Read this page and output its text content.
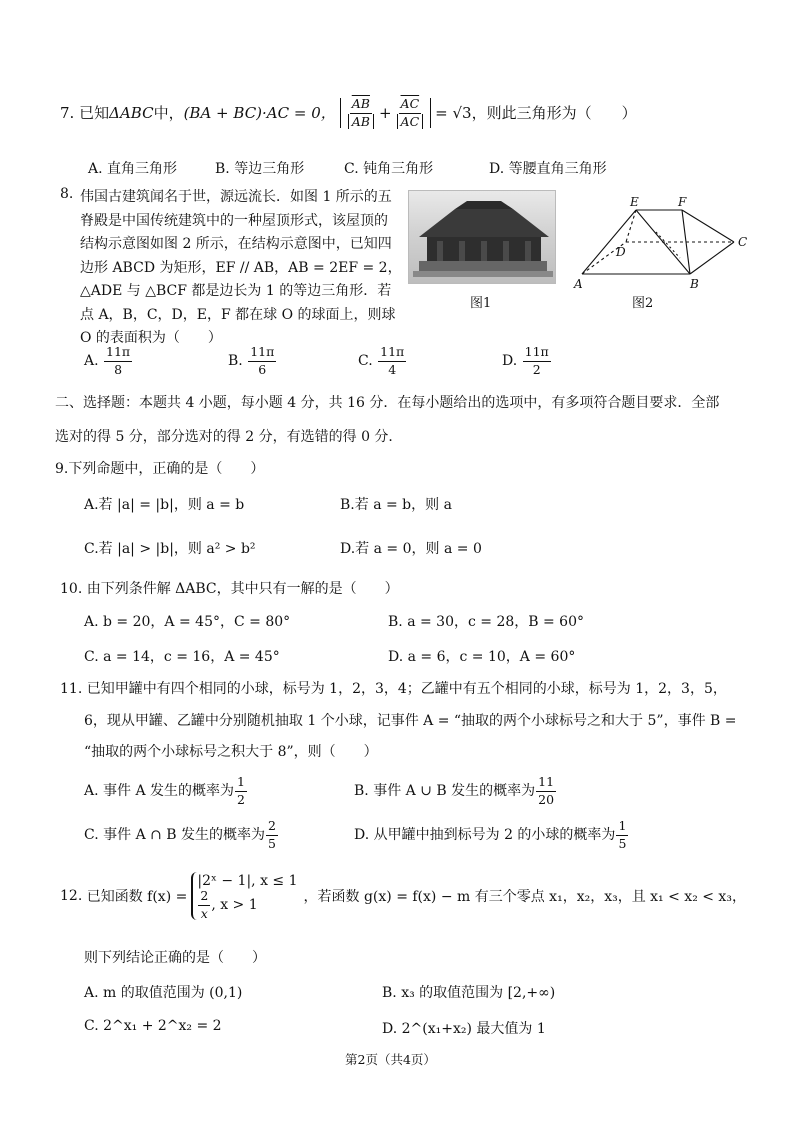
7.
已知 ΔABC 中， (BA + BC)·AC = 0， $\frac{\overline{AB}}{AB} + \frac{\overline{AC}}{AC} = √3$ ，则此三角形为（　　）
A. 直角三角形	B. 等边三角形	C. 钝角三角形	D. 等腰直角三角形
8. 伟国古建筑闻名于世，源远流长．如图 1 所示的五
脊殿是中国传统建筑中的一种屋顶形式，该屋顶的
结构示意图如图 2 所示，在结构示意图中，已知四
边形 ABCD 为矩形，EF // AB，AB = 2EF = 2，
△ADE 与 △BCF 都是边长为 1 的等边三角形．若
点 A，B，C，D，E，F 都在球 O 的球面上，则球
O 的表面积为（　　）
图1
E	F
C
D
A	B
图2
A. $\frac{11\pi}{8}$	B. $\frac{11\pi}{6}$	C. $\frac{11\pi}{4}$	D. $\frac{11\pi}{2}$
二、选择题：本题共 4 小题，每小题 4 分，共 16 分．在每小题给出的选项中，有多项符合题目要求．全部
选对的得 5 分，部分选对的得 2 分，有选错的得 0 分．
9.下列命题中，正确的是（　　）
A.若 |a| = |b|，则 a = b	B.若 a = b，则 a
C.若 |a| > |b|，则 a² > b²	D.若 a = 0，则 a = 0
10. 由下列条件解 ΔABC，其中只有一解的是（　　）
A. b = 20，A = 45°，C = 80°	B. a = 30，c = 28，B = 60°
C. a = 14，c = 16，A = 45°	D. a = 6，c = 10，A = 60°
11. 已知甲罐中有四个相同的小球，标号为 1，2，3，4；乙罐中有五个相同的小球，标号为 1，2，3，5，
6，现从甲罐、乙罐中分别随机抽取 1 个小球，记事件 A = “抽取的两个小球标号之和大于 5”，事件 B =
“抽取的两个小球标号之积大于 8”，则（　　）
A. 事件 A 发生的概率为 $\frac{1}{2}$	B. 事件 A ∪ B 发生的概率为 $\frac{11}{20}$
C. 事件 A ∩ B 发生的概率为 $\frac{2}{5}$	D. 从甲罐中抽到标号为 2 的小球的概率为 $\frac{1}{5}$
12.
已知函数 f(x) =
|2ˣ − 1|, x ≤ 1
$\frac{2}{x}$ , x > 1	，若函数 g(x) = f(x) − m 有三个零点 x₁，x₂，x₃，且 x₁ < x₂ < x₃，
则下列结论正确的是（　　）
A. m 的取值范围为 (0,1)	B. x₃ 的取值范围为 [2,+∞)
C. 2^x₁ + 2^x₂ = 2	D. 2^(x₁+x₂) 最大值为 1
第2页（共4页）
